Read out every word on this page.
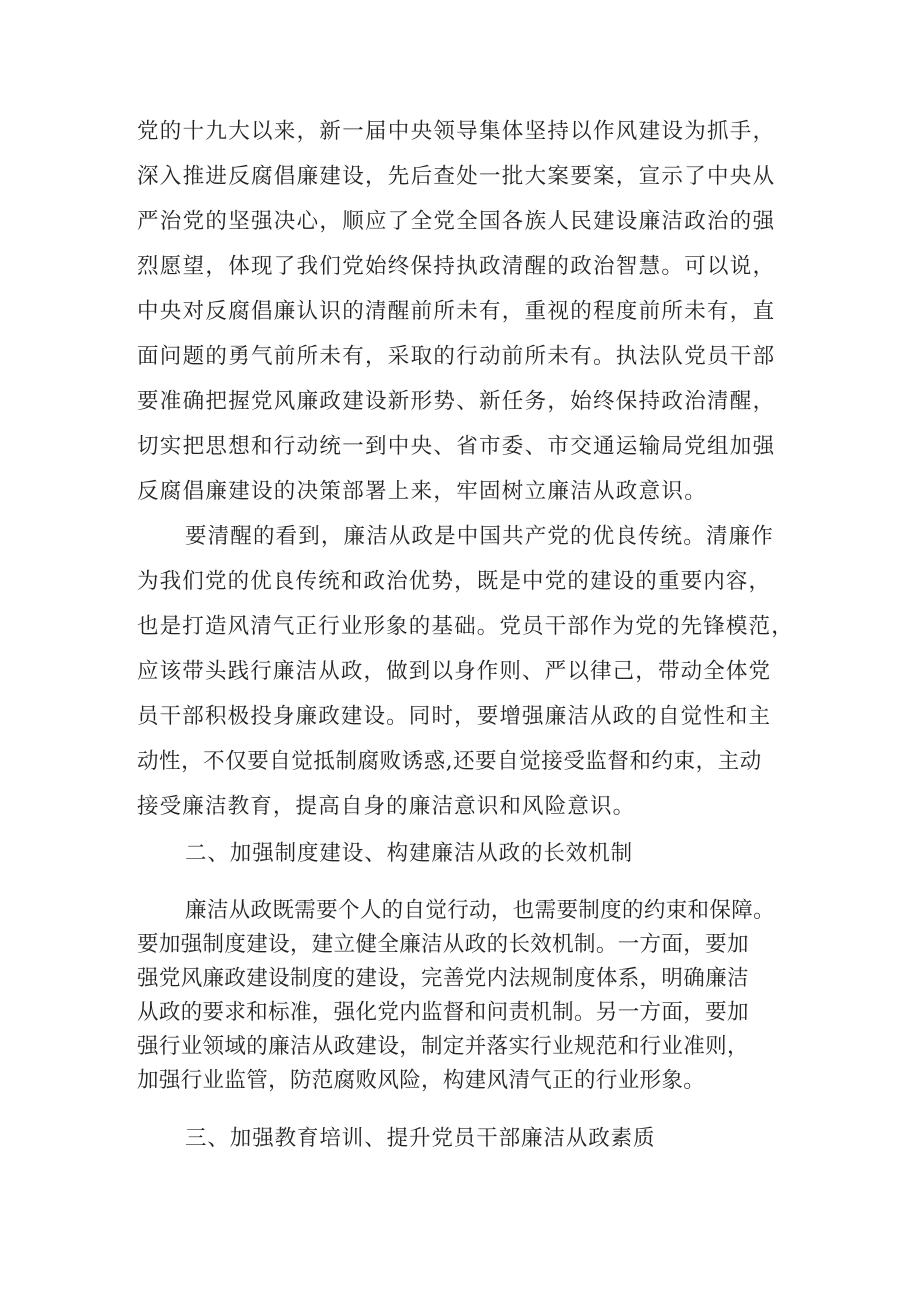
党的十九大以来，新一届中央领导集体坚持以作风建设为抓手，
深入推进反腐倡廉建设，先后查处一批大案要案，宣示了中央从
严治党的坚强决心，顺应了全党全国各族人民建设廉洁政治的强
烈愿望，体现了我们党始终保持执政清醒的政治智慧。可以说，
中央对反腐倡廉认识的清醒前所未有，重视的程度前所未有，直
面问题的勇气前所未有，采取的行动前所未有。执法队党员干部
要准确把握党风廉政建设新形势、新任务，始终保持政治清醒，
切实把思想和行动统一到中央、省市委、市交通运输局党组加强
反腐倡廉建设的决策部署上来，牢固树立廉洁从政意识。
要清醒的看到，廉洁从政是中国共产党的优良传统。清廉作
为我们党的优良传统和政治优势，既是中党的建设的重要内容，
也是打造风清气正行业形象的基础。党员干部作为党的先锋模范，
应该带头践行廉洁从政，做到以身作则、严以律己，带动全体党
员干部积极投身廉政建设。同时，要增强廉洁从政的自觉性和主
动性，不仅要自觉抵制腐败诱惑,还要自觉接受监督和约束，主动
接受廉洁教育，提高自身的廉洁意识和风险意识。
二、加强制度建设、构建廉洁从政的长效机制
廉洁从政既需要个人的自觉行动，也需要制度的约束和保障。
要加强制度建设，建立健全廉洁从政的长效机制。一方面，要加
强党风廉政建设制度的建设，完善党内法规制度体系，明确廉洁
从政的要求和标准，强化党内监督和问责机制。另一方面，要加
强行业领域的廉洁从政建设，制定并落实行业规范和行业准则，
加强行业监管，防范腐败风险，构建风清气正的行业形象。
三、加强教育培训、提升党员干部廉洁从政素质
